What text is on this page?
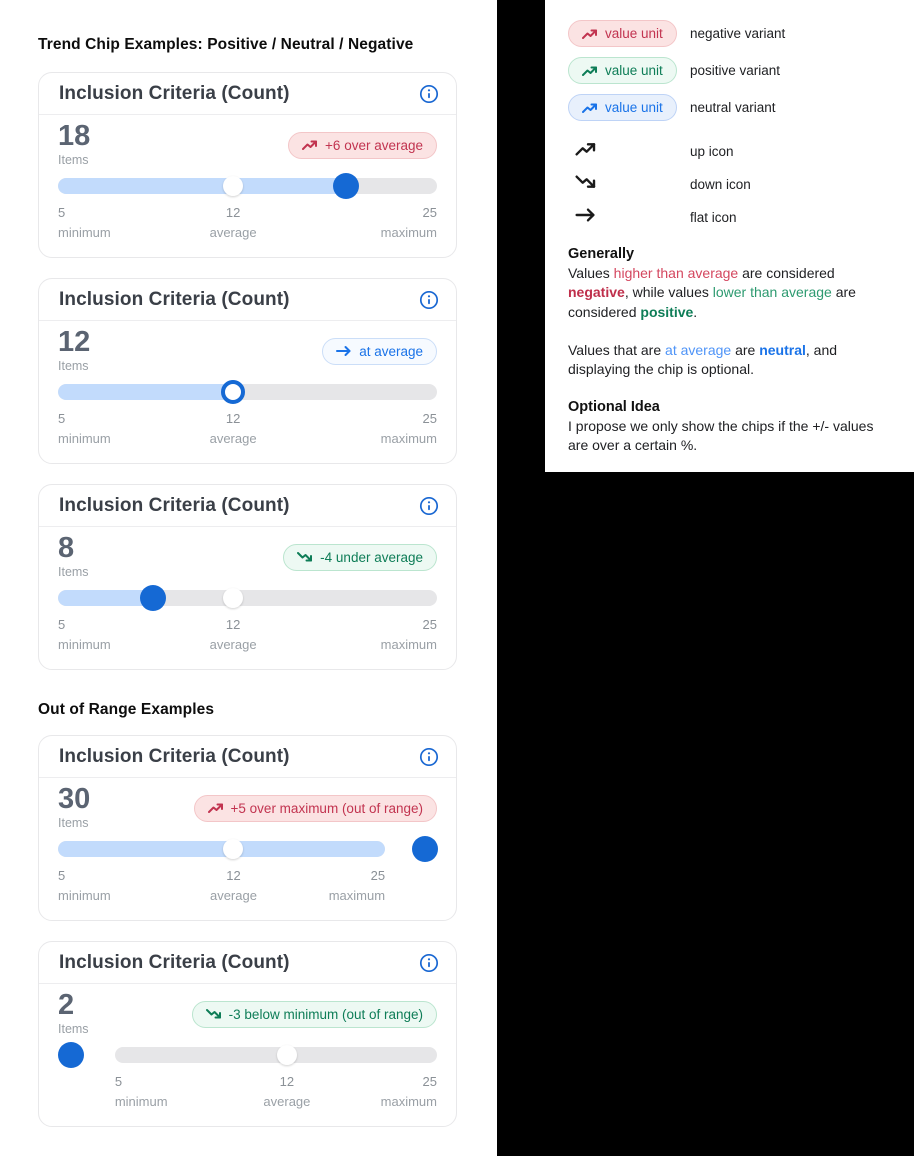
Trend Chip Examples: Positive / Neutral / Negative
Inclusion Criteria (Count)
18
Items
+6 over average
5
minimum
12
average
25
maximum
Inclusion Criteria (Count)
12
Items
at average
5
minimum
12
average
25
maximum
Inclusion Criteria (Count)
8
Items
-4 under average
5
minimum
12
average
25
maximum
Out of Range Examples
Inclusion Criteria (Count)
30
Items
+5 over maximum (out of range)
5
minimum
12
average
25
maximum
Inclusion Criteria (Count)
2
Items
-3 below minimum (out of range)
5
minimum
12
average
25
maximum
value unit negative variant
value unit positive variant
value unit neutral variant
up icon
down icon
flat icon
Generally

Values higher than average are considered negative, while values lower than average are considered positive.

Values that are at average are neutral, and displaying the chip is optional.

Optional Idea

I propose we only show the chips if the +/- values are over a certain %.
